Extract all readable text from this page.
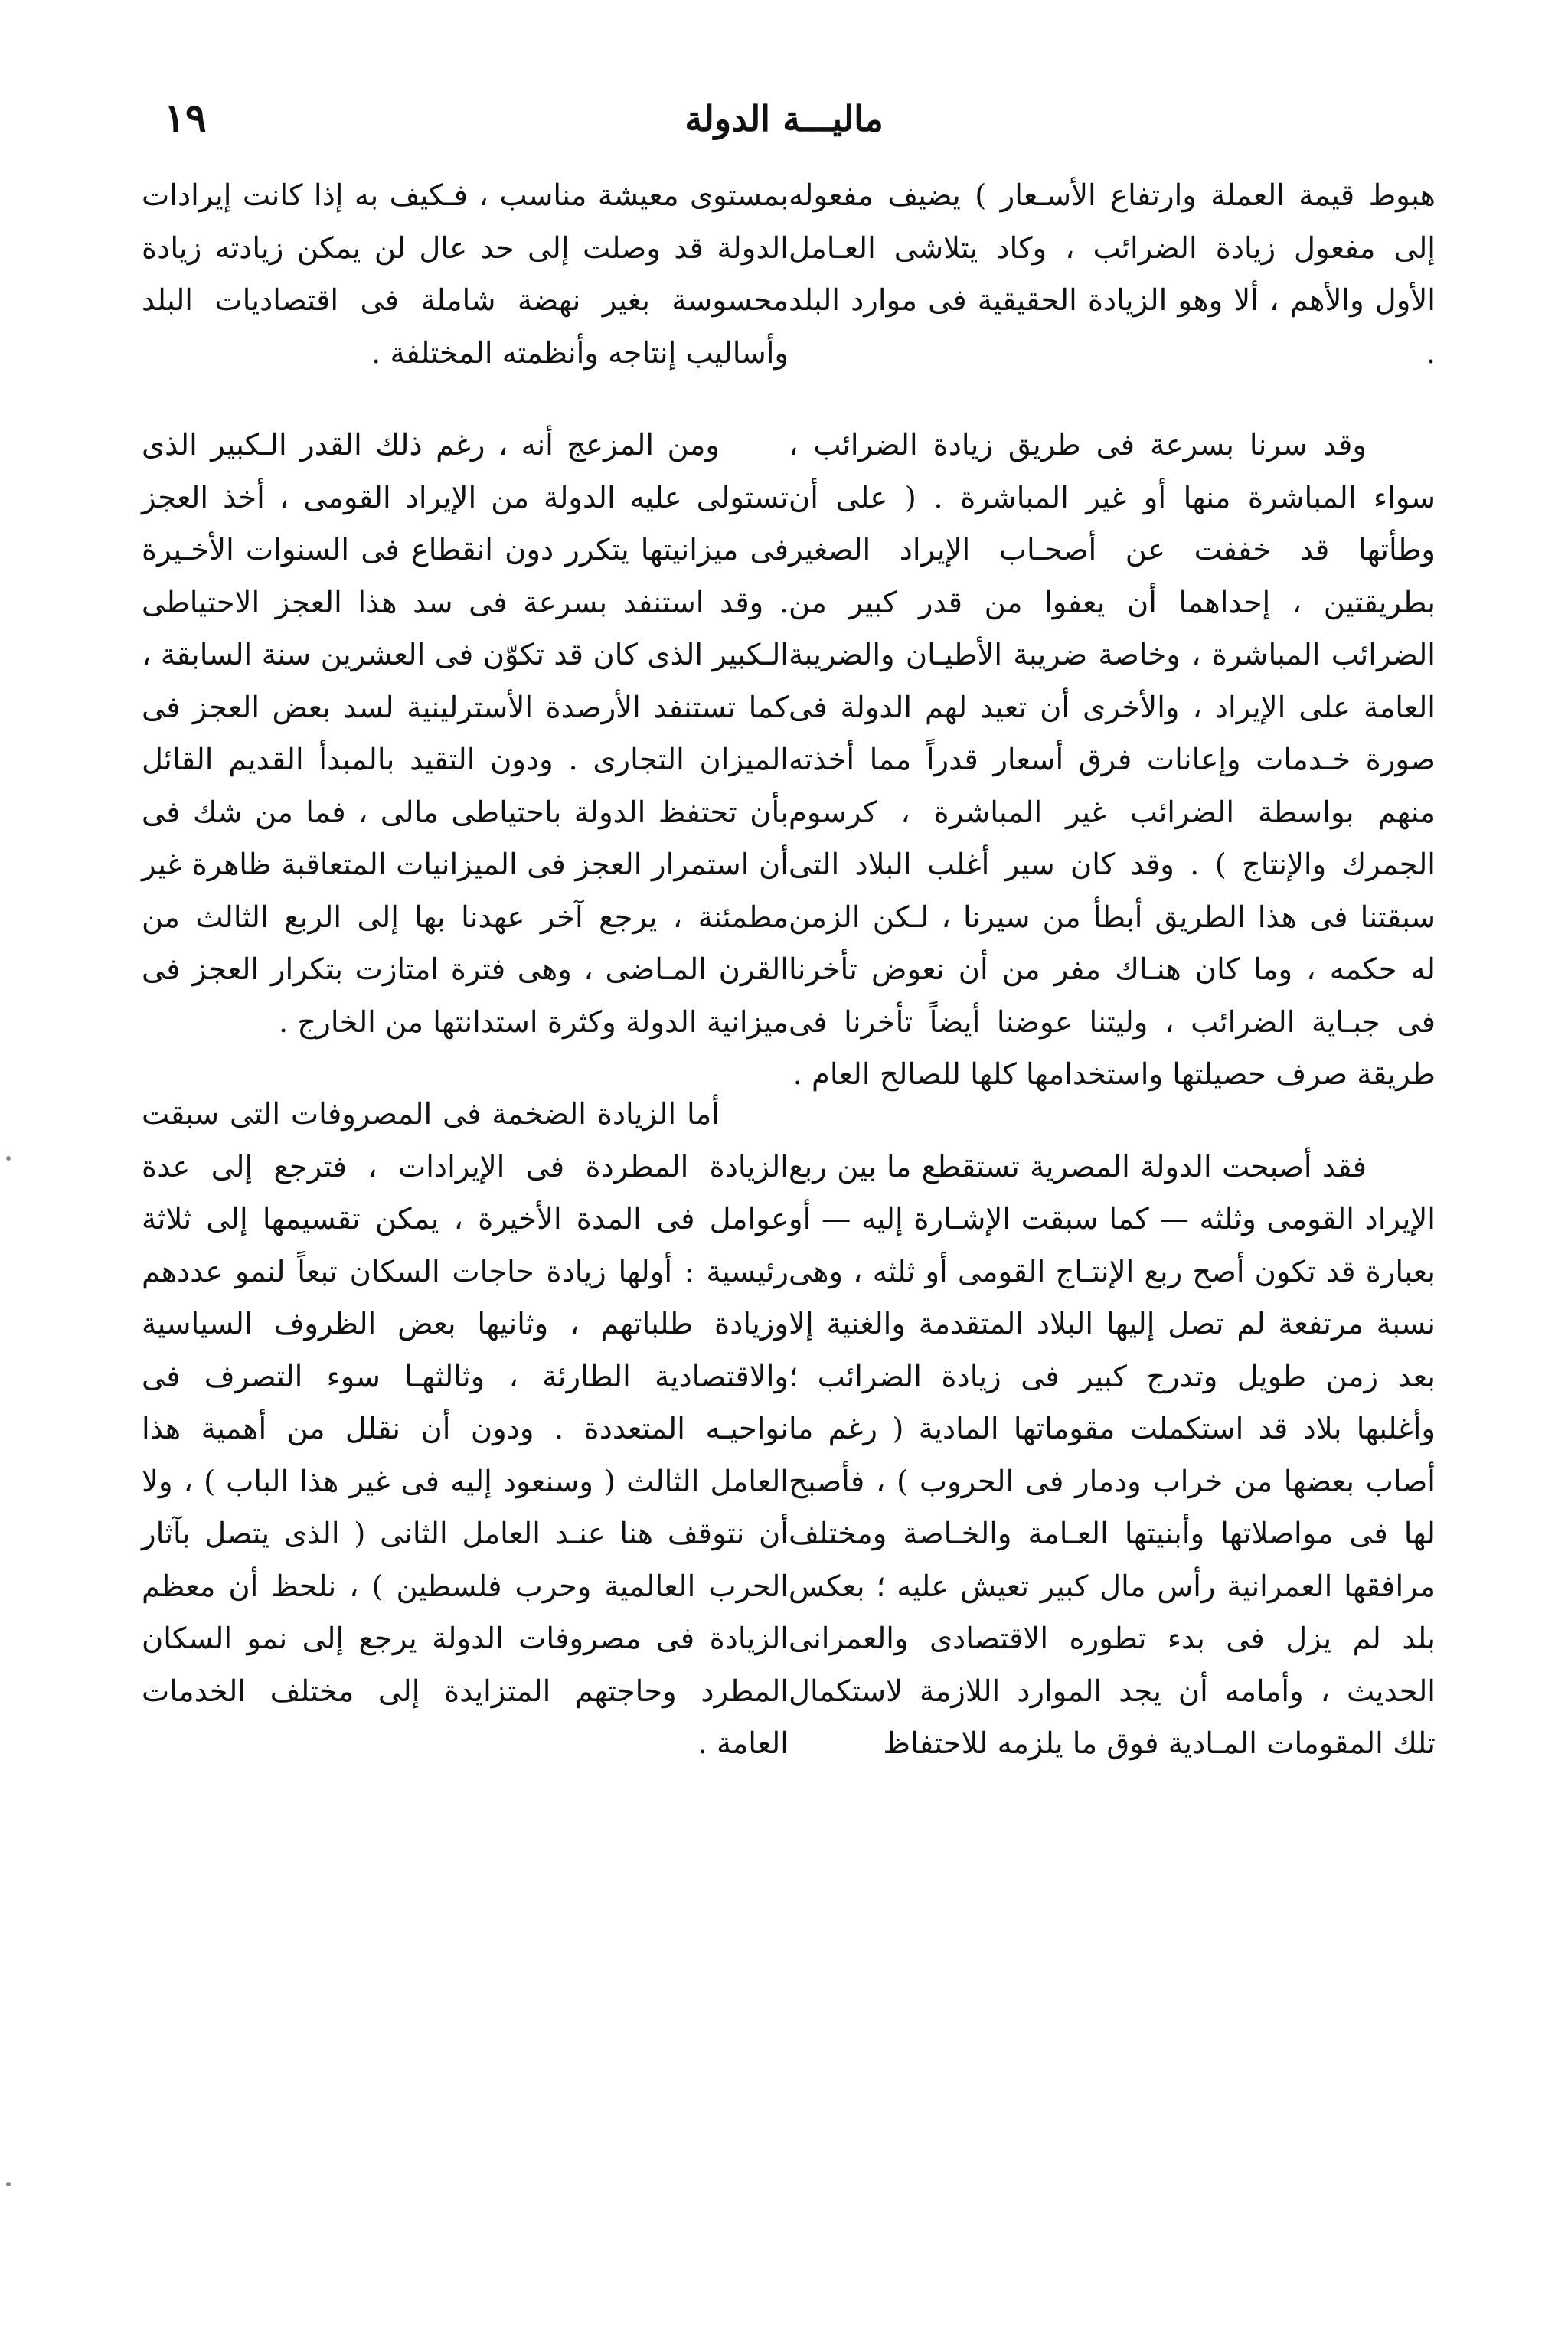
ماليـــة الدولة
١٩

هبوط قيمة العملة وارتفاع الأسـعار ) يضيف مفعوله إلى مفعول زيادة الضرائب ، وكاد يتلاشى العـامل الأول والأهم ، ألا وهو الزيادة الحقيقية فى موارد البلد .

وقد سرنا بسرعة فى طريق زيادة الضرائب ، سواء المباشرة منها أو غير المباشرة . ( على أن وطأتها قد خففت عن أصحـاب الإيراد الصغير بطريقتين ، إحداهما أن يعفوا من قدر كبير من الضرائب المباشرة ، وخاصة ضريبة الأطيـان والضريبة العامة على الإيراد ، والأخرى أن تعيد لهم الدولة فى صورة خـدمات وإعانات فرق أسعار قدراً مما أخذته منهم بواسطة الضرائب غير المباشرة ، كرسوم الجمرك والإنتاج ) . وقد كان سير أغلب البلاد التى سبقتنا فى هذا الطريق أبطأ من سيرنا ، لـكن الزمن له حكمه ، وما كان هنـاك مفر من أن نعوض تأخرنا فى جبـاية الضرائب ، وليتنا عوضنا أيضاً تأخرنا فى طريقة صرف حصيلتها واستخدامها كلها للصالح العام .

فقد أصبحت الدولة المصرية تستقطع ما بين ربع الإيراد القومى وثلثه — كما سبقت الإشـارة إليه — أو بعبارة قد تكون أصح ربع الإنتـاج القومى أو ثلثه ، وهى نسبة مرتفعة لم تصل إليها البلاد المتقدمة والغنية إلا بعد زمن طويل وتدرج كبير فى زيادة الضرائب ؛ وأغلبها بلاد قد استكملت مقوماتها المادية ( رغم ما أصاب بعضها من خراب ودمار فى الحروب ) ، فأصبح لها فى مواصلاتها وأبنيتها العـامة والخـاصة ومختلف مرافقها العمرانية رأس مال كبير تعيش عليه ؛ بعكس بلد لم يزل فى بدء تطوره الاقتصادى والعمرانى الحديث ، وأمامه أن يجد الموارد اللازمة لاستكمال تلك المقومات المـادية فوق ما يلزمه للاحتفاظ

بمستوى معيشة مناسب ، فـكيف به إذا كانت إيرادات الدولة قد وصلت إلى حد عال لن يمكن زيادته زيادة محسوسة بغير نهضة شاملة فى اقتصاديات البلد وأساليب إنتاجه وأنظمته المختلفة .

ومن المزعج أنه ، رغم ذلك القدر الـكبير الذى تستولى عليه الدولة من الإيراد القومى ، أخذ العجز فى ميزانيتها يتكرر دون انقطاع فى السنوات الأخـيرة . وقد استنفد بسرعة فى سد هذا العجز الاحتياطى الـكبير الذى كان قد تكوّن فى العشرين سنة السابقة ، كما تستنفد الأرصدة الأسترلينية لسد بعض العجز فى الميزان التجارى . ودون التقيد بالمبدأ القديم القائل بأن تحتفظ الدولة باحتياطى مالى ، فما من شك فى أن استمرار العجز فى الميزانيات المتعاقبة ظاهرة غير مطمئنة ، يرجع آخر عهدنا بها إلى الربع الثالث من القرن المـاضى ، وهى فترة امتازت بتكرار العجز فى ميزانية الدولة وكثرة استدانتها من الخارج .

أما الزيادة الضخمة فى المصروفات التى سبقت الزيادة المطردة فى الإيرادات ، فترجع إلى عدة عوامل فى المدة الأخيرة ، يمكن تقسيمها إلى ثلاثة رئيسية : أولها زيادة حاجات السكان تبعاً لنمو عددهم وزيادة طلباتهم ، وثانيها بعض الظروف السياسية والاقتصادية الطارئة ، وثالثهـا سوء التصرف فى نواحيـه المتعددة . ودون أن نقلل من أهمية هذا العامل الثالث ( وسنعود إليه فى غير هذا الباب ) ، ولا أن نتوقف هنا عنـد العامل الثانى ( الذى يتصل بآثار الحرب العالمية وحرب فلسطين ) ، نلحظ أن معظم الزيادة فى مصروفات الدولة يرجع إلى نمو السكان المطرد وحاجتهم المتزايدة إلى مختلف الخدمات العامة .
